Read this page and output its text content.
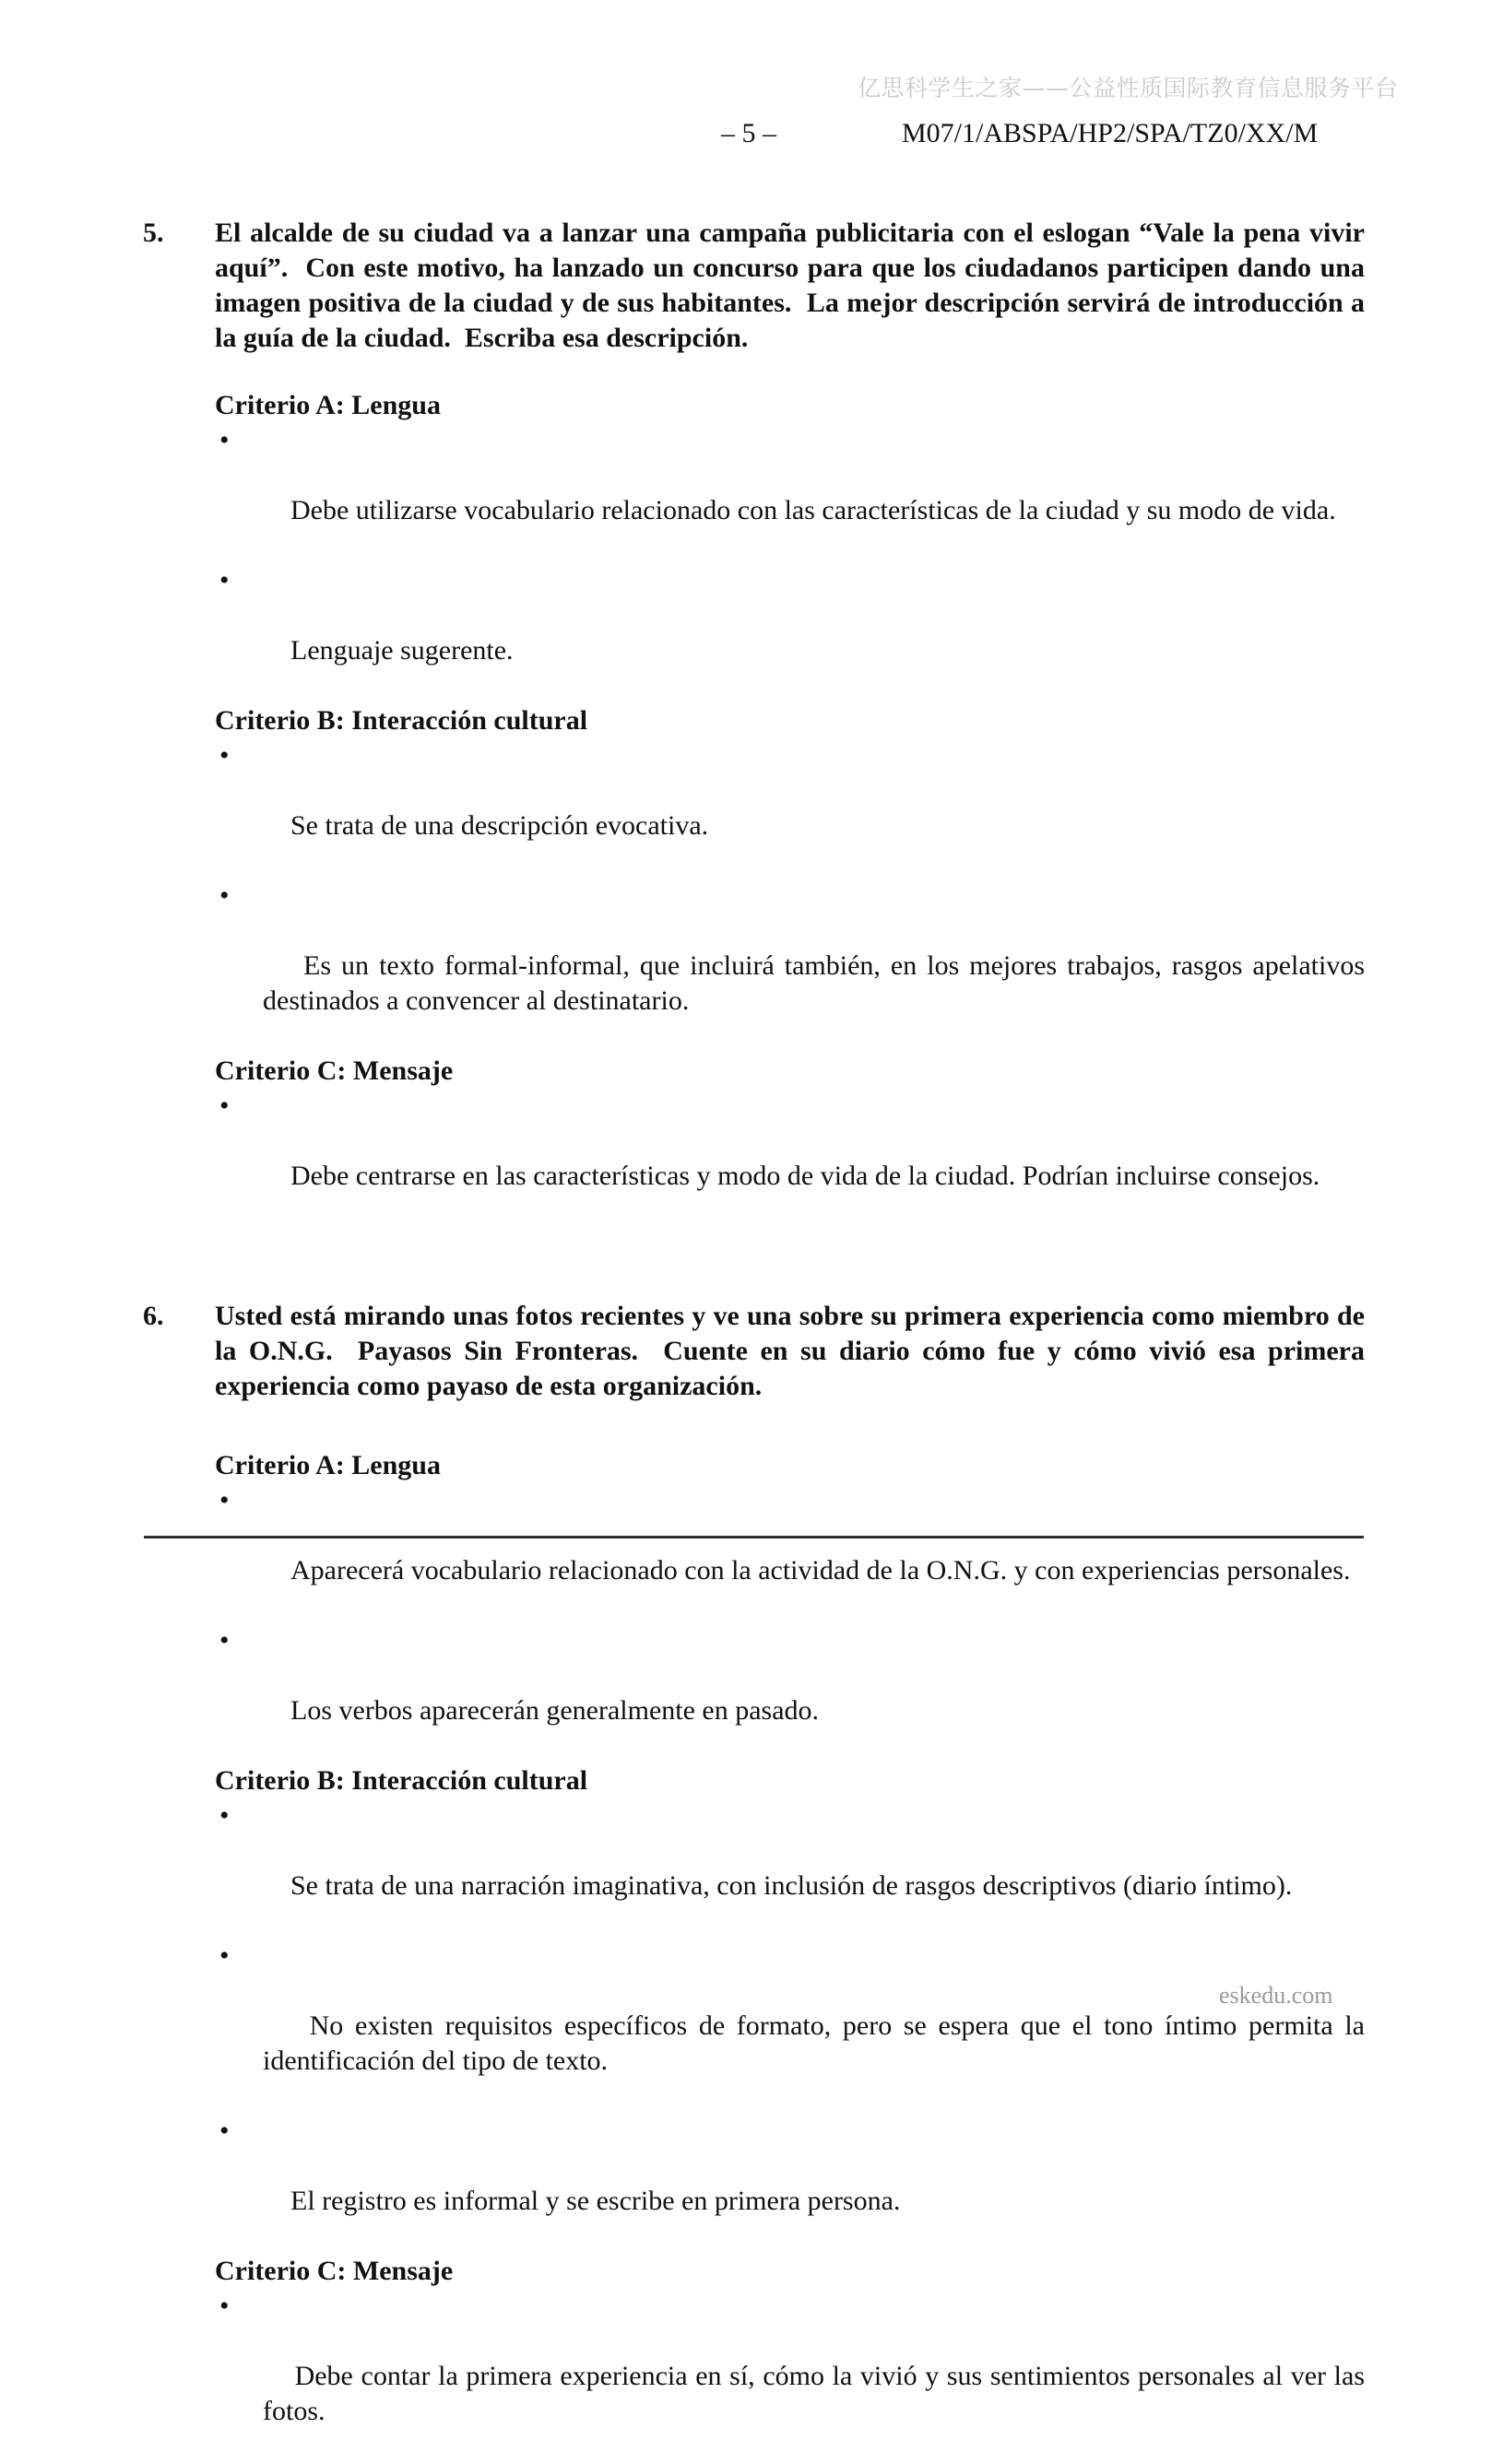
亿思科学生之家——公益性质国际教育信息服务平台
– 5 –	M07/1/ABSPA/HP2/SPA/TZ0/XX/M
5.	El alcalde de su ciudad va a lanzar una campaña publicitaria con el eslogan “Vale la pena vivir aquí”.  Con este motivo, ha lanzado un concurso para que los ciudadanos participen dando una imagen positiva de la ciudad y de sus habitantes.  La mejor descripción servirá de introducción a la guía de la ciudad.  Escriba esa descripción.

Criterio A: Lengua

•

Debe utilizarse vocabulario relacionado con las características de la ciudad y su modo de vida.

•

Lenguaje sugerente.

Criterio B: Interacción cultural

•

Se trata de una descripción evocativa.

•

Es un texto formal-informal, que incluirá también, en los mejores trabajos, rasgos apelativos destinados a convencer al destinatario.

Criterio C: Mensaje

•

Debe centrarse en las características y modo de vida de la ciudad. Podrían incluirse consejos.

6.	Usted está mirando unas fotos recientes y ve una sobre su primera experiencia como miembro de la O.N.G.  Payasos Sin Fronteras.  Cuente en su diario cómo fue y cómo vivió esa primera experiencia como payaso de esta organización.

Criterio A: Lengua

•

Aparecerá vocabulario relacionado con la actividad de la O.N.G. y con experiencias personales.

•

Los verbos aparecerán generalmente en pasado.

Criterio B: Interacción cultural

•

Se trata de una narración imaginativa, con inclusión de rasgos descriptivos (diario íntimo).

•

No existen requisitos específicos de formato, pero se espera que el tono íntimo permita la identificación del tipo de texto.

•

El registro es informal y se escribe en primera persona.

Criterio C: Mensaje

•

Debe contar la primera experiencia en sí, cómo la vivió y sus sentimientos personales al ver las fotos.

eskedu.com
